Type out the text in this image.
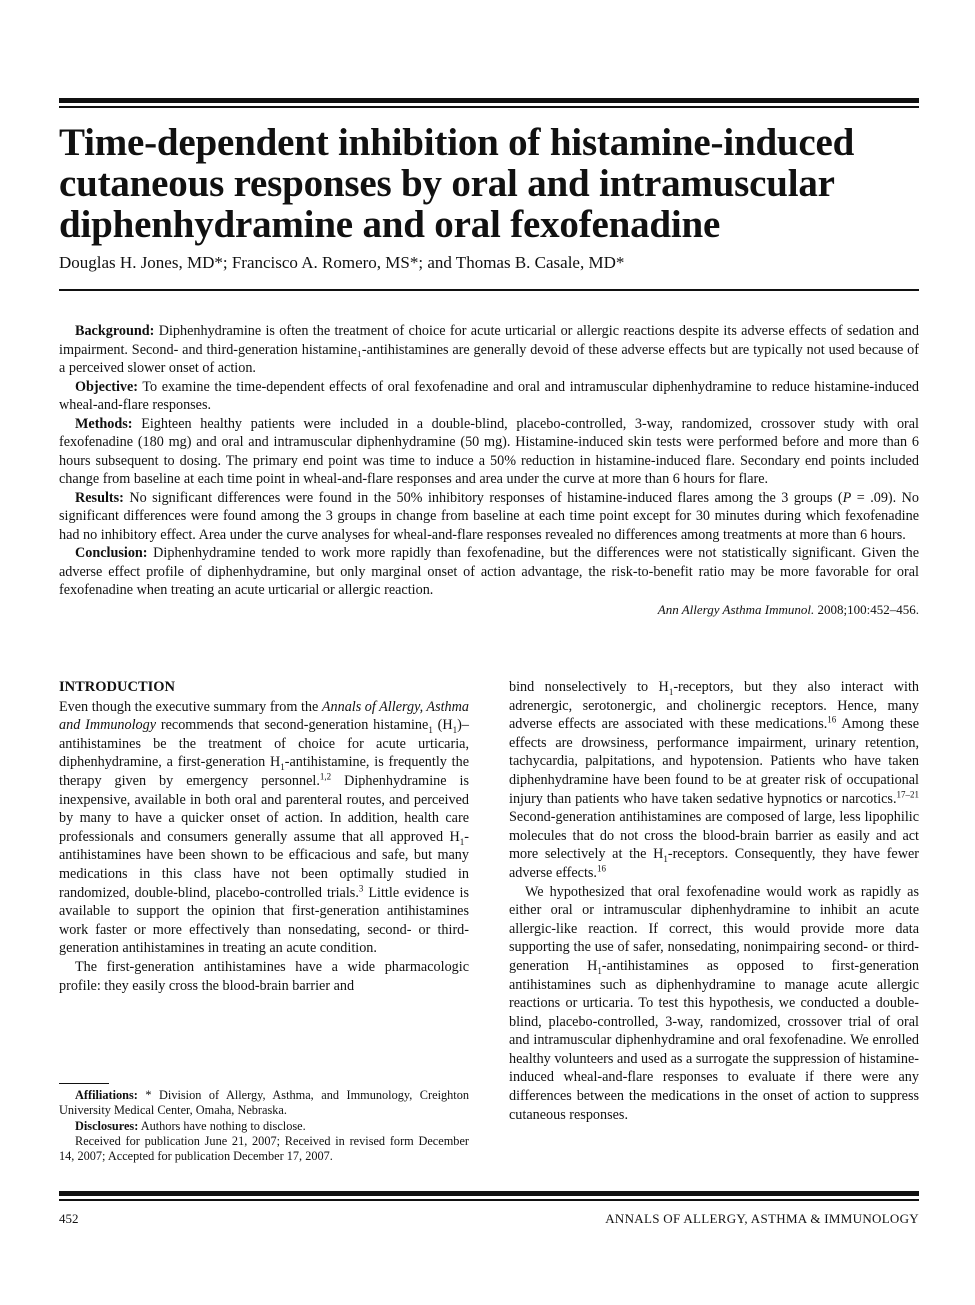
Time-dependent inhibition of histamine-induced
cutaneous responses by oral and intramuscular
diphenhydramine and oral fexofenadine
Douglas H. Jones, MD*; Francisco A. Romero, MS*; and Thomas B. Casale, MD*

Background: Diphenhydramine is often the treatment of choice for acute urticarial or allergic reactions despite its adverse effects of sedation and impairment. Second- and third-generation histamine₁-antihistamines are generally devoid of these adverse effects but are typically not used because of a perceived slower onset of action.

Objective: To examine the time-dependent effects of oral fexofenadine and oral and intramuscular diphenhydramine to reduce histamine-induced wheal-and-flare responses.

Methods: Eighteen healthy patients were included in a double-blind, placebo-controlled, 3-way, randomized, crossover study with oral fexofenadine (180 mg) and oral and intramuscular diphenhydramine (50 mg). Histamine-induced skin tests were performed before and more than 6 hours subsequent to dosing. The primary end point was time to induce a 50% reduction in histamine-induced flare. Secondary end points included change from baseline at each time point in wheal-and-flare responses and area under the curve at more than 6 hours for flare.

Results: No significant differences were found in the 50% inhibitory responses of histamine-induced flares among the 3 groups (P = .09). No significant differences were found among the 3 groups in change from baseline at each time point except for 30 minutes during which fexofenadine had no inhibitory effect. Area under the curve analyses for wheal-and-flare responses revealed no differences among treatments at more than 6 hours.

Conclusion: Diphenhydramine tended to work more rapidly than fexofenadine, but the differences were not statistically significant. Given the adverse effect profile of diphenhydramine, but only marginal onset of action advantage, the risk-to-benefit ratio may be more favorable for oral fexofenadine when treating an acute urticarial or allergic reaction.

Ann Allergy Asthma Immunol. 2008;100:452–456.
INTRODUCTION

Even though the executive summary from the Annals of Allergy, Asthma and Immunology recommends that second-generation histamine$_1$ $(H_1)$–antihistamines be the treatment of choice for acute urticaria, diphenhydramine, a first-generation $H_1$-antihistamine, is frequently the therapy given by emergency personnel.$^{1,2}$ Diphenhydramine is inexpensive, available in both oral and parenteral routes, and perceived by many to have a quicker onset of action. In addition, health care professionals and consumers generally assume that all approved $H_1$-antihistamines have been shown to be efficacious and safe, but many medications in this class have not been optimally studied in randomized, double-blind, placebo-controlled trials.$^3$ Little evidence is available to support the opinion that first-generation antihistamines work faster or more effectively than nonsedating, second- or third-generation antihistamines in treating an acute condition.

The first-generation antihistamines have a wide pharmacologic profile: they easily cross the blood-brain barrier and

Affiliations: * Division of Allergy, Asthma, and Immunology, Creighton University Medical Center, Omaha, Nebraska.

Disclosures: Authors have nothing to disclose.

Received for publication June 21, 2007; Received in revised form December 14, 2007; Accepted for publication December 17, 2007.

bind nonselectively to $H_1$-receptors, but they also interact with adrenergic, serotonergic, and cholinergic receptors. Hence, many adverse effects are associated with these medications.$^{16}$ Among these effects are drowsiness, performance impairment, urinary retention, tachycardia, palpitations, and hypotension. Patients who have taken diphenhydramine have been found to be at greater risk of occupational injury than patients who have taken sedative hypnotics or narcotics.$^{17-21}$ Second-generation antihistamines are composed of large, less lipophilic molecules that do not cross the blood-brain barrier as easily and act more selectively at the $H_1$-receptors. Consequently, they have fewer adverse effects.$^{16}$

We hypothesized that oral fexofenadine would work as rapidly as either oral or intramuscular diphenhydramine to inhibit an acute allergic-like reaction. If correct, this would provide more data supporting the use of safer, nonsedating, nonimpairing second- or third-generation $H_1$-antihistamines as opposed to first-generation antihistamines such as diphenhydramine to manage acute allergic reactions or urticaria. To test this hypothesis, we conducted a double-blind, placebo-controlled, 3-way, randomized, crossover trial of oral and intramuscular diphenhydramine and oral fexofenadine. We enrolled healthy volunteers and used as a surrogate the suppression of histamine-induced wheal-and-flare responses to evaluate if there were any differences between the medications in the onset of action to suppress cutaneous responses.

452	ANNALS OF ALLERGY, ASTHMA & IMMUNOLOGY
